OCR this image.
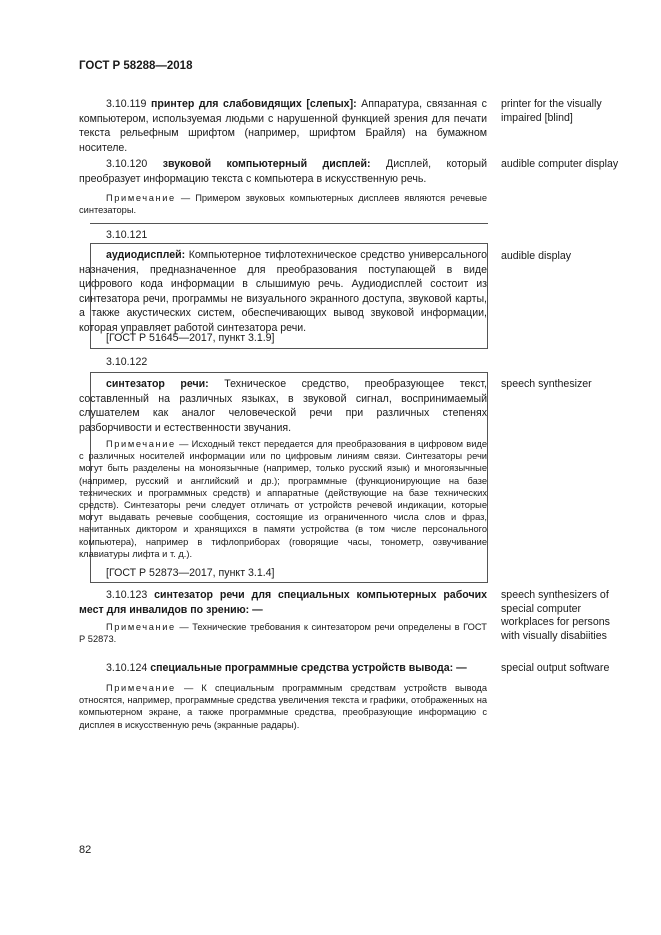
ГОСТ Р 58288—2018
3.10.119 принтер для слабовидящих [слепых]: Аппаратура, связанная с компьютером, используемая людьми с нарушенной функцией зрения для печати текста рельефным шрифтом (например, шрифтом Брайля) на бумажном носителе.
printer for the visually impaired [blind]
3.10.120 звуковой компьютерный дисплей: Дисплей, который преобразует информацию текста с компьютера в искусственную речь.
audible computer display
Примечание — Примером звуковых компьютерных дисплеев являются речевые синтезаторы.
3.10.121
аудиодисплей: Компьютерное тифлотехническое средство универсального назначения, предназначенное для преобразования поступающей в виде цифрового кода информации в слышимую речь. Аудиодисплей состоит из синтезатора речи, программы не визуального экранного доступа, звуковой карты, а также акустических систем, обеспечивающих вывод звуковой информации, которая управляет работой синтезатора речи.
[ГОСТ Р 51645—2017, пункт 3.1.9]
audible display
3.10.122
синтезатор речи: Техническое средство, преобразующее текст, составленный на различных языках, в звуковой сигнал, воспринимаемый слушателем как аналог человеческой речи при различных степенях разборчивости и естественности звучания.
Примечание — Исходный текст передается для преобразования в цифровом виде с различных носителей информации или по цифровым линиям связи. Синтезаторы речи могут быть разделены на моноязычные (например, только русский язык) и многоязычные (например, русский и английский и др.); программные (функционирующие на базе технических и программных средств) и аппаратные (действующие на базе технических средств). Синтезаторы речи следует отличать от устройств речевой индикации, которые могут выдавать речевые сообщения, состоящие из ограниченного числа слов и фраз, начитанных диктором и хранящихся в памяти устройства (в том числе персонального компьютера), например в тифлоприборах (говорящие часы, тонометр, озвучивание клавиатуры лифта и т. д.).
[ГОСТ Р 52873—2017, пункт 3.1.4]
speech synthesizer
3.10.123 синтезатор речи для специальных компьютерных рабочих мест для инвалидов по зрению: —
Примечание — Технические требования к синтезатором речи определены в ГОСТ Р 52873.
speech synthesizers of special computer workplaces for persons with visually disabiities
3.10.124 специальные программные средства устройств вывода: —
Примечание — К специальным программным средствам устройств вывода относятся, например, программные средства увеличения текста и графики, отображенных на компьютерном экране, а также программные средства, преобразующие информацию с дисплея в искусственную речь (экранные радары).
special output software
82
